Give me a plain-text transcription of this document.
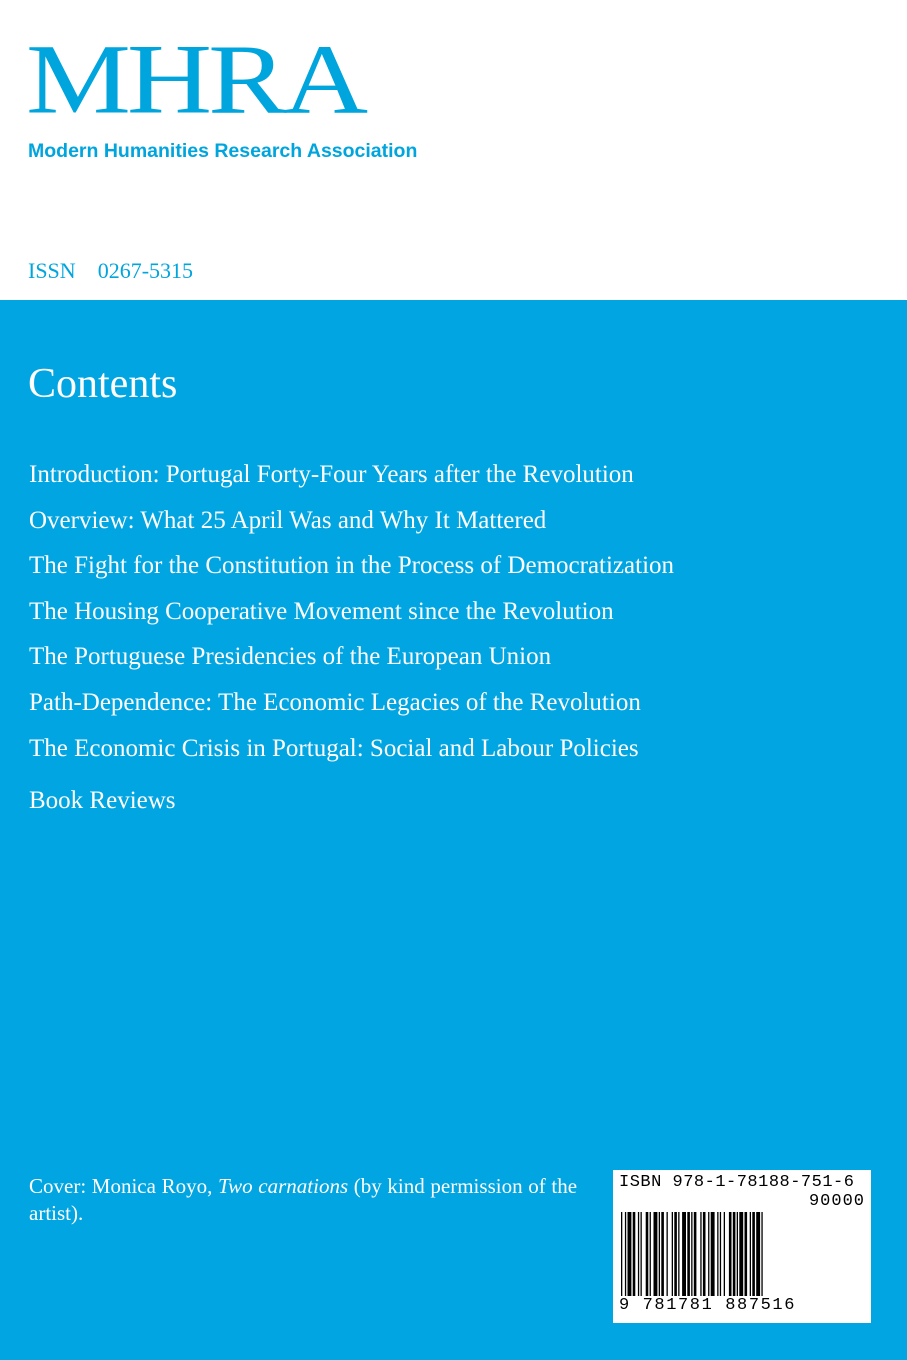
MHRA
Modern Humanities Research Association
ISSN 0267-5315
Contents
Introduction: Portugal Forty-Four Years after the Revolution
Overview: What 25 April Was and Why It Mattered
The Fight for the Constitution in the Process of Democratization
The Housing Cooperative Movement since the Revolution
The Portuguese Presidencies of the European Union
Path-Dependence: The Economic Legacies of the Revolution
The Economic Crisis in Portugal: Social and Labour Policies
Book Reviews
Cover: Monica Royo, Two carnations (by kind permission of the artist).
ISBN 978-1-78188-751-6
90000
9 781781 887516
